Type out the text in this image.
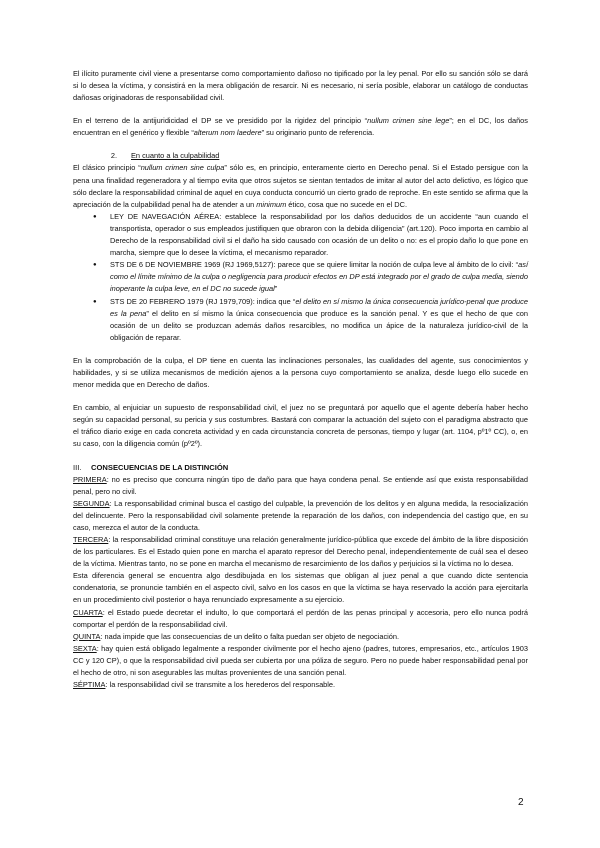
El ilícito puramente civil viene a presentarse como comportamiento dañoso no tipificado por la ley penal. Por ello su sanción sólo se dará si lo desea la víctima, y consistirá en la mera obligación de resarcir. Ni es necesario, ni sería posible, elaborar un catálogo de conductas dañosas originadoras de responsabilidad civil.

En el terreno de la antijuridicidad el DP se ve presidido por la rigidez del principio “nullum crimen sine lege”; en el DC, los daños encuentran en el genérico y flexible “alterum nom laedere” su originario punto de referencia.

2. En cuanto a la culpabilidad

El clásico principio “nullum crimen sine culpa” sólo es, en principio, enteramente cierto en Derecho penal. Si el Estado persigue con la pena una finalidad regeneradora y al tiempo evita que otros sujetos se sientan tentados de imitar al autor del acto delictivo, es lógico que sólo declare la responsabilidad criminal de aquel en cuya conducta concurrió un cierto grado de reproche. En este sentido se afirma que la apreciación de la culpabilidad penal ha de atender a un minimum ético, cosa que no sucede en el DC.

● LEY DE NAVEGACIÓN AÉREA: establece la responsabilidad por los daños deducidos de un accidente “aun cuando el transportista, operador o sus empleados justifiquen que obraron con la debida diligencia” (art.120). Poco importa en cambio al Derecho de la responsabilidad civil si el daño ha sido causado con ocasión de un delito o no: es el propio daño lo que pone en marcha, siempre que lo desee la víctima, el mecanismo reparador.
● STS DE 6 DE NOVIEMBRE 1969 (RJ 1969,5127): parece que se quiere limitar la noción de culpa leve al ámbito de lo civil: “así como el límite mínimo de la culpa o negligencia para producir efectos en DP está integrado por el grado de culpa media, siendo inoperante la culpa leve, en el DC no sucede igual”
● STS DE 20 FEBRERO 1979 (RJ 1979,709): indica que “el delito en sí mismo la única consecuencia jurídico-penal que produce es la pena” el delito en sí mismo la única consecuencia que produce es la sanción penal. Y es que el hecho de que con ocasión de un delito se produzcan además daños resarcibles, no modifica un ápice de la naturaleza jurídico-civil de la obligación de reparar.

En la comprobación de la culpa, el DP tiene en cuenta las inclinaciones personales, las cualidades del agente, sus conocimientos y habilidades, y si se utiliza mecanismos de medición ajenos a la persona cuyo comportamiento se analiza, desde luego ello sucede en menor medida que en Derecho de daños.

En cambio, al enjuiciar un supuesto de responsabilidad civil, el juez no se preguntará por aquello que el agente debería haber hecho según su capacidad personal, su pericia y sus costumbres. Bastará con comparar la actuación del sujeto con el paradigma abstracto que el tráfico diario exige en cada concreta actividad y en cada circunstancia concreta de personas, tiempo y lugar (art. 1104, pº1º CC), o, en su caso, con la diligencia común (pº2º).

III. CONSECUENCIAS DE LA DISTINCIÓN

PRIMERA: no es preciso que concurra ningún tipo de daño para que haya condena penal. Se entiende así que exista responsabilidad penal, pero no civil.

SEGUNDA: La responsabilidad criminal busca el castigo del culpable, la prevención de los delitos y en alguna medida, la resocialización del delincuente. Pero la responsabilidad civil solamente pretende la reparación de los daños, con independencia del castigo que, en su caso, merezca el autor de la conducta.

TERCERA: la responsabilidad criminal constituye una relación generalmente jurídico-pública que excede del ámbito de la libre disposición de los particulares. Es el Estado quien pone en marcha el aparato represor del Derecho penal, independientemente de cuál sea el deseo de la víctima. Mientras tanto, no se pone en marcha el mecanismo de resarcimiento de los daños y perjuicios si la víctima no lo desea.

Esta diferencia general se encuentra algo desdibujada en los sistemas que obligan al juez penal a que cuando dicte sentencia condenatoria, se pronuncie también en el aspecto civil, salvo en los casos en que la víctima se haya reservado la acción para ejercitarla en un procedimiento civil posterior o haya renunciado expresamente a su ejercicio.

CUARTA: el Estado puede decretar el indulto, lo que comportará el perdón de las penas principal y accesoria, pero ello nunca podrá comportar el perdón de la responsabilidad civil.

QUINTA: nada impide que las consecuencias de un delito o falta puedan ser objeto de negociación.

SEXTA: hay quien está obligado legalmente a responder civilmente por el hecho ajeno (padres, tutores, empresarios, etc., artículos 1903 CC y 120 CP), o que la responsabilidad civil pueda ser cubierta por una póliza de seguro. Pero no puede haber responsabilidad penal por el hecho de otro, ni son asegurables las multas provenientes de una sanción penal.

SÉPTIMA: la responsabilidad civil se transmite a los herederos del responsable.

2
